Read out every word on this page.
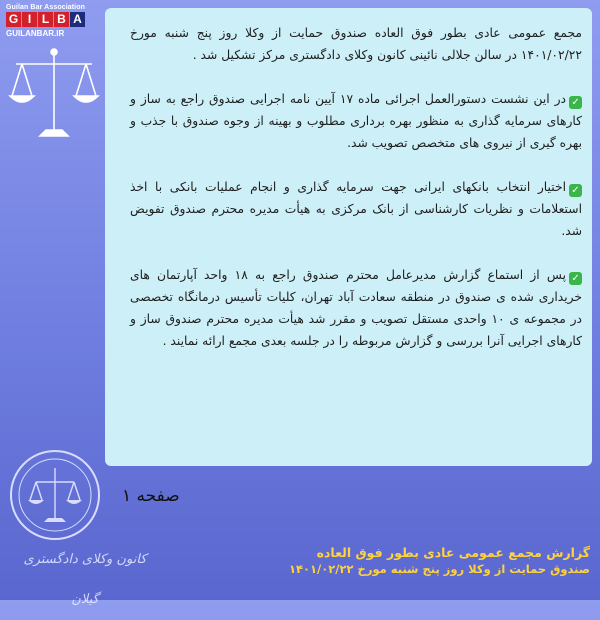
Guilan Bar Association
G I L B A
GUILANBAR.IR	مجمع عمومی عادی بطور فوق العاده صندوق حمایت از وکلا روز پنج شنبه مورخ ۱۴۰۱/۰۲/۲۲ در سالن جلالی نائینی کانون وکلای دادگستری مرکز تشکیل شد .

✓در این نشست دستورالعمل اجرائی ماده ۱۷ آیین نامه اجرایی صندوق راجع به ساز و کارهای سرمایه گذاری به منظور بهره برداری مطلوب و بهینه از وجوه صندوق با جذب و بهره گیری از نیروی های متخصص تصویب شد.

✓اختیار انتخاب بانکهای ایرانی جهت سرمایه گذاری و انجام عملیات بانکی با اخذ استعلامات و نظریات کارشناسی از بانک مرکزی به هیأت مدیره محترم صندوق تفویض شد.

✓پس از استماع گزارش مدیرعامل محترم صندوق راجع به ۱۸ واحد آپارتمان های خریداری شده ی صندوق در منطقه سعادت آباد تهران، کلیات تأسیس درمانگاه تخصصی در مجموعه ی ۱۰ واحدی مستقل تصویب و مقرر شد هیأت مدیره محترم صندوق ساز و کارهای اجرایی آنرا بررسی و گزارش مربوطه را در جلسه بعدی مجمع ارائه نمایند .

صفحه ۱
کانون وکلای دادگستری گیلان
گزارش مجمع عمومی عادی بطور فوق العاده
صندوق حمایت از وکلا روز پنج شنبه مورخ ۱۴۰۱/۰۲/۲۲
